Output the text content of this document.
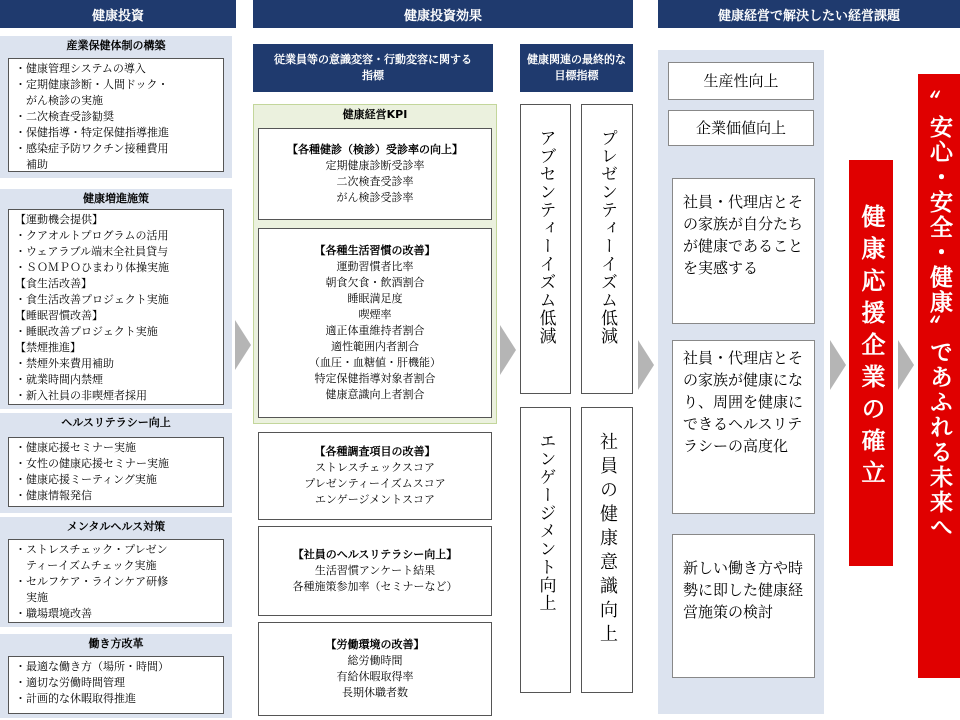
健康投資	健康投資効果	健康経営で解決したい経営課題
産業保健体制の構築
・健康管理システムの導入
・定期健康診断・人間ドック・
　がん検診の実施
・二次検査受診勧奨
・保健指導・特定保健指導推進
・感染症予防ワクチン接種費用
　補助
健康増進施策
【運動機会提供】
・クアオルトプログラムの活用
・ウェアラブル端末全社員貸与
・ＳＯＭＰＯひまわり体操実施
【食生活改善】
・食生活改善プロジェクト実施
【睡眠習慣改善】
・睡眠改善プロジェクト実施
【禁煙推進】
・禁煙外来費用補助
・就業時間内禁煙
・新入社員の非喫煙者採用
ヘルスリテラシー向上
・健康応援セミナー実施
・女性の健康応援セミナー実施
・健康応援ミーティング実施
・健康情報発信
メンタルヘルス対策
・ストレスチェック・プレゼン
　ティーイズムチェック実施
・セルフケア・ラインケア研修
　実施
・職場環境改善
働き方改革
・最適な働き方（場所・時間）
・適切な労働時間管理
・計画的な休暇取得推進
従業員等の意識変容・行動変容に関する指標
健康関連の最終的な目標指標
健康経営KPI
【各種健診（検診）受診率の向上】
定期健康診断受診率
二次検査受診率
がん検診受診率
【各種生活習慣の改善】
運動習慣者比率
朝食欠食・飲酒割合
睡眠満足度
喫煙率
適正体重維持者割合
適性範囲内者割合
（血圧・血糖値・肝機能）
特定保健指導対象者割合
健康意識向上者割合
【各種調査項目の改善】
ストレスチェックスコア
プレゼンティーイズムスコア
エンゲージメントスコア
【社員のヘルスリテラシー向上】
生活習慣アンケート結果
各種施策参加率（セミナーなど）
【労働環境の改善】
総労働時間
有給休暇取得率
長期休職者数
アブセンティーイズム低減 プレゼンティーイズム低減
エンゲージメント向上 社員の健康意識向上
生産性向上
企業価値向上
社員・代理店とその家族が自分たちが健康であることを実感する
社員・代理店とその家族が健康になり、周囲を健康にできるヘルスリテラシーの高度化
新しい働き方や時勢に即した健康経営施策の検討
健康応援企業の確立 〞安心・安全・健康〞であふれる未来へ
